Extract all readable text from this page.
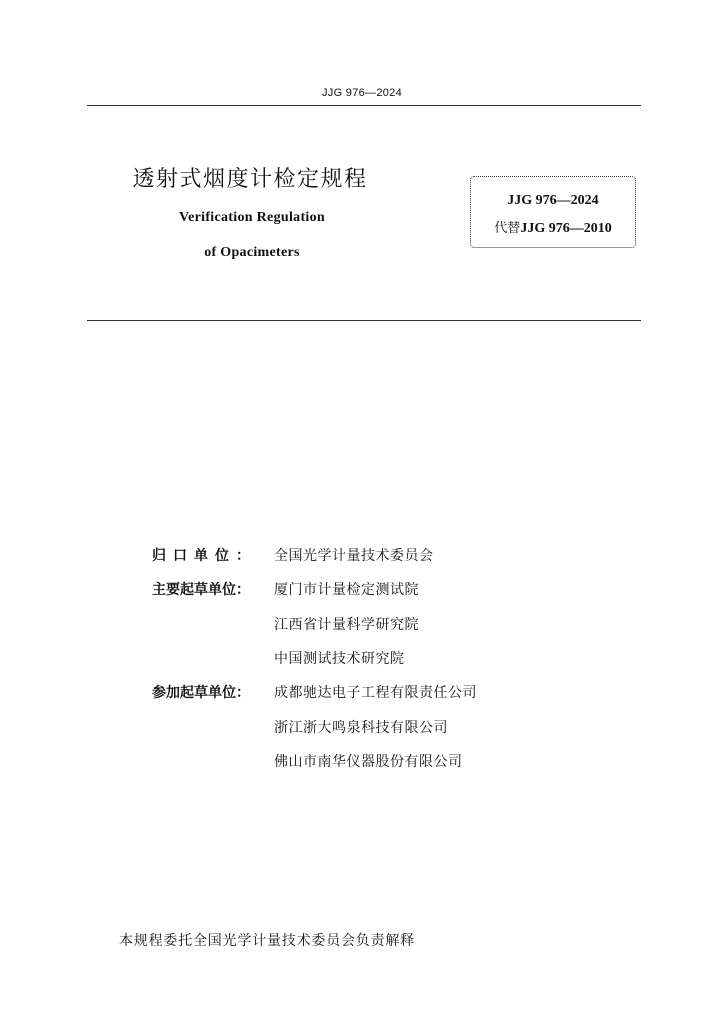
JJG 976—2024
透射式烟度计检定规程
Verification Regulation
of Opacimeters
JJG 976—2024
代替JJG 976—2010
归口单位：	全国光学计量技术委员会
主要起草单位：	厦门市计量检定测试院
江西省计量科学研究院
中国测试技术研究院
参加起草单位：	成都驰达电子工程有限责任公司
浙江浙大鸣泉科技有限公司
佛山市南华仪器股份有限公司
本规程委托全国光学计量技术委员会负责解释
